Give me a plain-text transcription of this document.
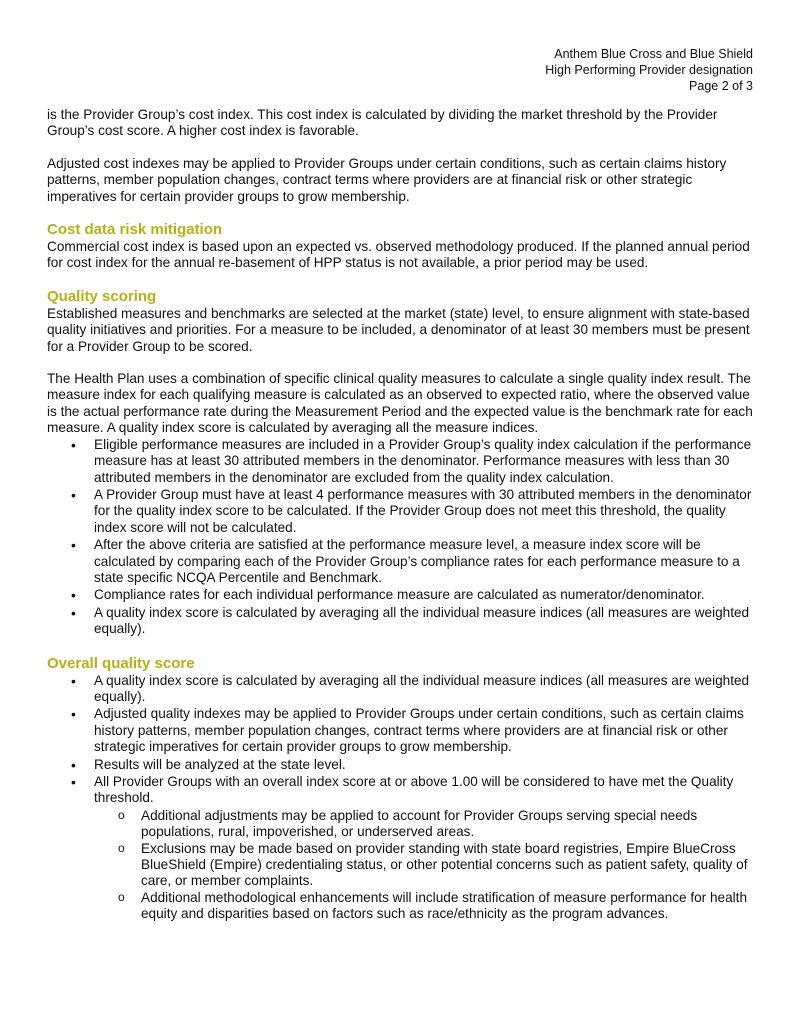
Anthem Blue Cross and Blue Shield
High Performing Provider designation
Page 2 of 3

is the Provider Group’s cost index. This cost index is calculated by dividing the market threshold by the Provider Group’s cost score. A higher cost index is favorable.

Adjusted cost indexes may be applied to Provider Groups under certain conditions, such as certain claims history patterns, member population changes, contract terms where providers are at financial risk or other strategic imperatives for certain provider groups to grow membership.

Cost data risk mitigation

Commercial cost index is based upon an expected vs. observed methodology produced. If the planned annual period for cost index for the annual re-basement of HPP status is not available, a prior period may be used.

Quality scoring

Established measures and benchmarks are selected at the market (state) level, to ensure alignment with state-based quality initiatives and priorities. For a measure to be included, a denominator of at least 30 members must be present for a Provider Group to be scored.

The Health Plan uses a combination of specific clinical quality measures to calculate a single quality index result. The measure index for each qualifying measure is calculated as an observed to expected ratio, where the observed value is the actual performance rate during the Measurement Period and the expected value is the benchmark rate for each measure. A quality index score is calculated by averaging all the measure indices.

• Eligible performance measures are included in a Provider Group’s quality index calculation if the performance measure has at least 30 attributed members in the denominator. Performance measures with less than 30 attributed members in the denominator are excluded from the quality index calculation.
• A Provider Group must have at least 4 performance measures with 30 attributed members in the denominator for the quality index score to be calculated. If the Provider Group does not meet this threshold, the quality index score will not be calculated.
• After the above criteria are satisfied at the performance measure level, a measure index score will be calculated by comparing each of the Provider Group’s compliance rates for each performance measure to a state specific NCQA Percentile and Benchmark.
• Compliance rates for each individual performance measure are calculated as numerator/denominator.
• A quality index score is calculated by averaging all the individual measure indices (all measures are weighted equally).
Overall quality score
• A quality index score is calculated by averaging all the individual measure indices (all measures are weighted equally).
• Adjusted quality indexes may be applied to Provider Groups under certain conditions, such as certain claims history patterns, member population changes, contract terms where providers are at financial risk or other strategic imperatives for certain provider groups to grow membership.
• Results will be analyzed at the state level.
• All Provider Groups with an overall index score at or above 1.00 will be considered to have met the Quality threshold.
o Additional adjustments may be applied to account for Provider Groups serving special needs populations, rural, impoverished, or underserved areas.
o Exclusions may be made based on provider standing with state board registries, Empire BlueCross BlueShield (Empire) credentialing status, or other potential concerns such as patient safety, quality of care, or member complaints.
o Additional methodological enhancements will include stratification of measure performance for health equity and disparities based on factors such as race/ethnicity as the program advances.
